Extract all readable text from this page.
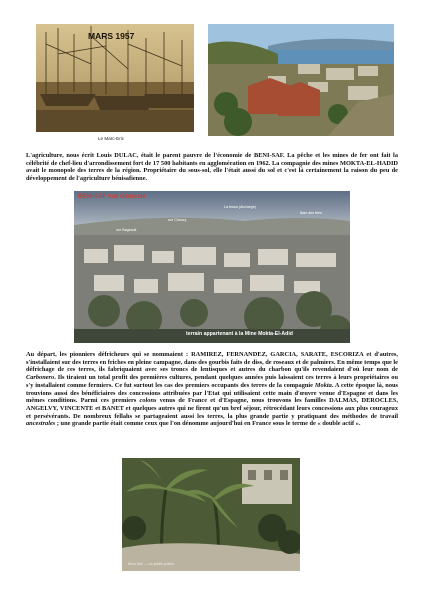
MARS 1957
Le Marc-Eric

L'agriculture, nous écrit Louis DULAC, était le parent pauvre de l'économie de BENI-SAF. La pêche et les mines de fer ont fait la célébrité de chef-lieu d'arrondissement fort de 17 500 habitants en agglomération en 1962. La compagnie des mines MOKTA-EL-HADID avait le monopole des terres de la région. Propriétaire du sous-sol, elle l'était aussi du sol et c'est là certainement la raison du peu de développement de l'agriculture bénisafienne.

BENI-SAF vue Générale
rue Chanzy
La tessa (décharge)
Baie des fées
rue Bageault
terrain appartenant à la Mine Mokta-El-Adid

Au départ, les pionniers défricheurs qui se nommaient : RAMIREZ, FERNANDEZ, GARCIA, SARATE, ESCORIZA et d'autres, s'installaient sur des terres en friches en pleine campagne, dans des gourbis faits de diss, de roseaux et de palmiers. En même temps que le défrichage de ces terres, ils fabriquaient avec ses troncs de lentisques et autres du charbon qu'ils revendaient d'où leur nom de Carbonero. Ils tiraient un total profit des premières cultures, pendant quelques années puis laissaient ces terres à leurs propriétaires ou s'y installaient comme fermiers. Ce fut surtout les cas des premiers occupants des terres de la compagnie Mokta. A cette époque là, nous trouvions aussi des bénéficiaires des concessions attribuées par l'Etat qui utilisaient cette main d'œuvre venue d'Espagne et dans les mêmes conditions. Parmi ces premiers colons venus de France et d'Espagne, nous trouvons les familles DALMAS, DEROCLES, ANGELVY, VINCENTE et BANET et quelques autres qui ne firent qu'un bref séjour, rétrocédant leurs concessions aux plus courageux et persévérants. De nombreux fellahs se partageaient aussi les terres, la plus grande partie y pratiquant des méthodes de travail ancestrales ; une grande partie était comme ceux que l'on dénomme aujourd'hui en France sous le terme de « double actif ».

Beni-Saf — Le jardin public
